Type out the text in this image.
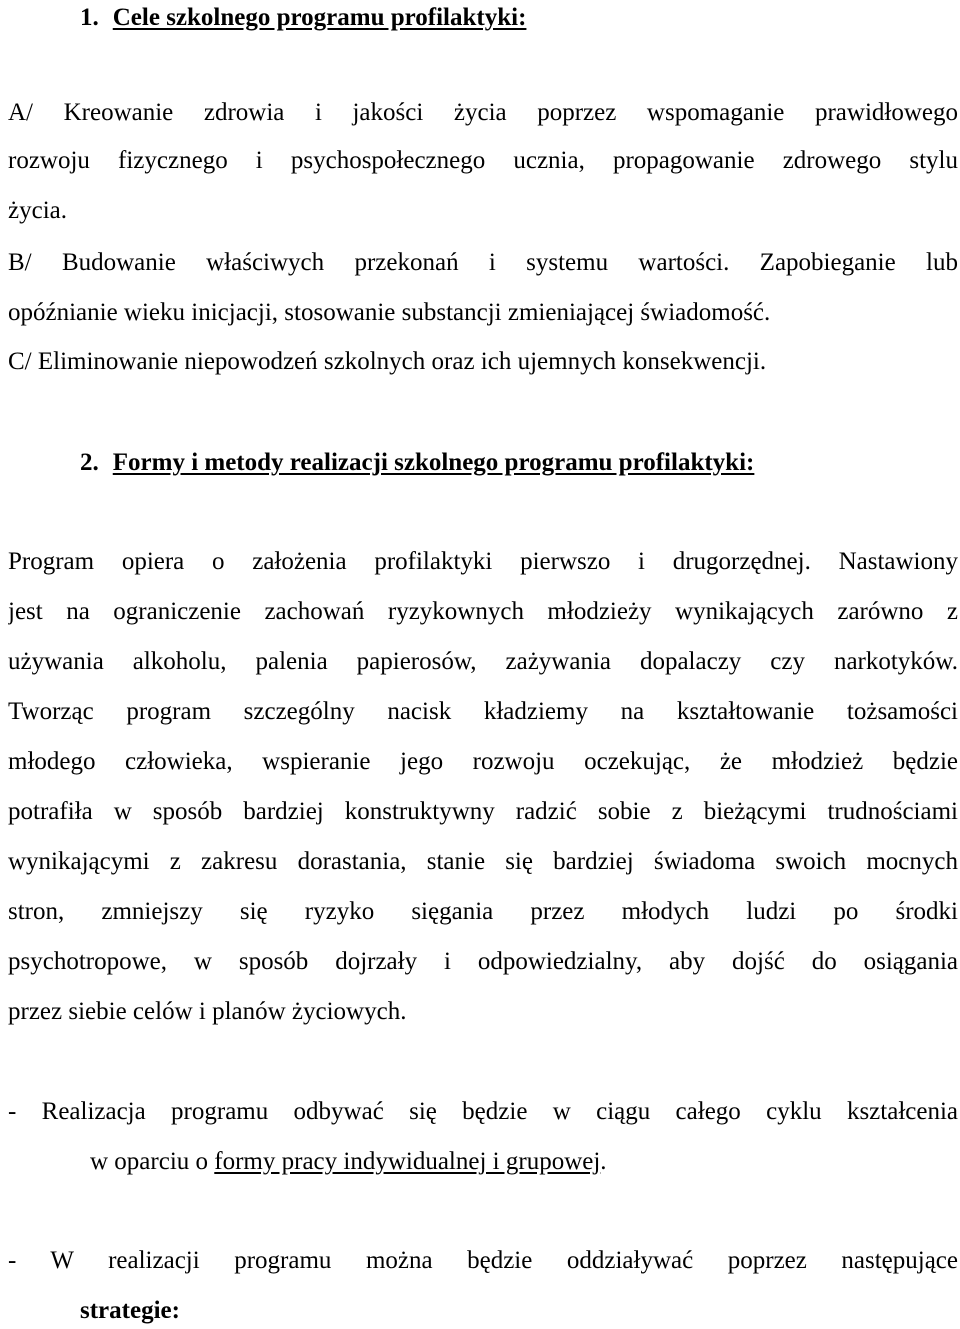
1. Cele szkolnego programu profilaktyki:
A/ Kreowanie zdrowia i jakości życia poprzez wspomaganie prawidłowego
rozwoju fizycznego i psychospołecznego ucznia, propagowanie zdrowego stylu
życia.
B/ Budowanie właściwych przekonań i systemu wartości. Zapobieganie lub
opóźnianie wieku inicjacji, stosowanie substancji zmieniającej świadomość.
C/ Eliminowanie niepowodzeń szkolnych oraz ich ujemnych konsekwencji.
2. Formy i metody realizacji szkolnego programu profilaktyki:
Program opiera o założenia profilaktyki pierwszo i drugorzędnej. Nastawiony
jest na ograniczenie zachowań ryzykownych młodzieży wynikających zarówno z
używania alkoholu, palenia papierosów, zażywania dopalaczy czy narkotyków.
Tworząc program szczególny nacisk kładziemy na kształtowanie tożsamości
młodego człowieka, wspieranie jego rozwoju oczekując, że młodzież będzie
potrafiła w sposób bardziej konstruktywny radzić sobie z bieżącymi trudnościami
wynikającymi z zakresu dorastania, stanie się bardziej świadoma swoich mocnych
stron, zmniejszy się ryzyko sięgania przez młodych ludzi po środki
psychotropowe, w sposób dojrzały i odpowiedzialny, aby dojść do osiągania
przez siebie celów i planów życiowych.
- Realizacja programu odbywać się będzie w ciągu całego cyklu kształcenia
w oparciu o formy pracy indywidualnej i grupowej.
- W realizacji programu można będzie oddziaływać poprzez następujące
strategie:
